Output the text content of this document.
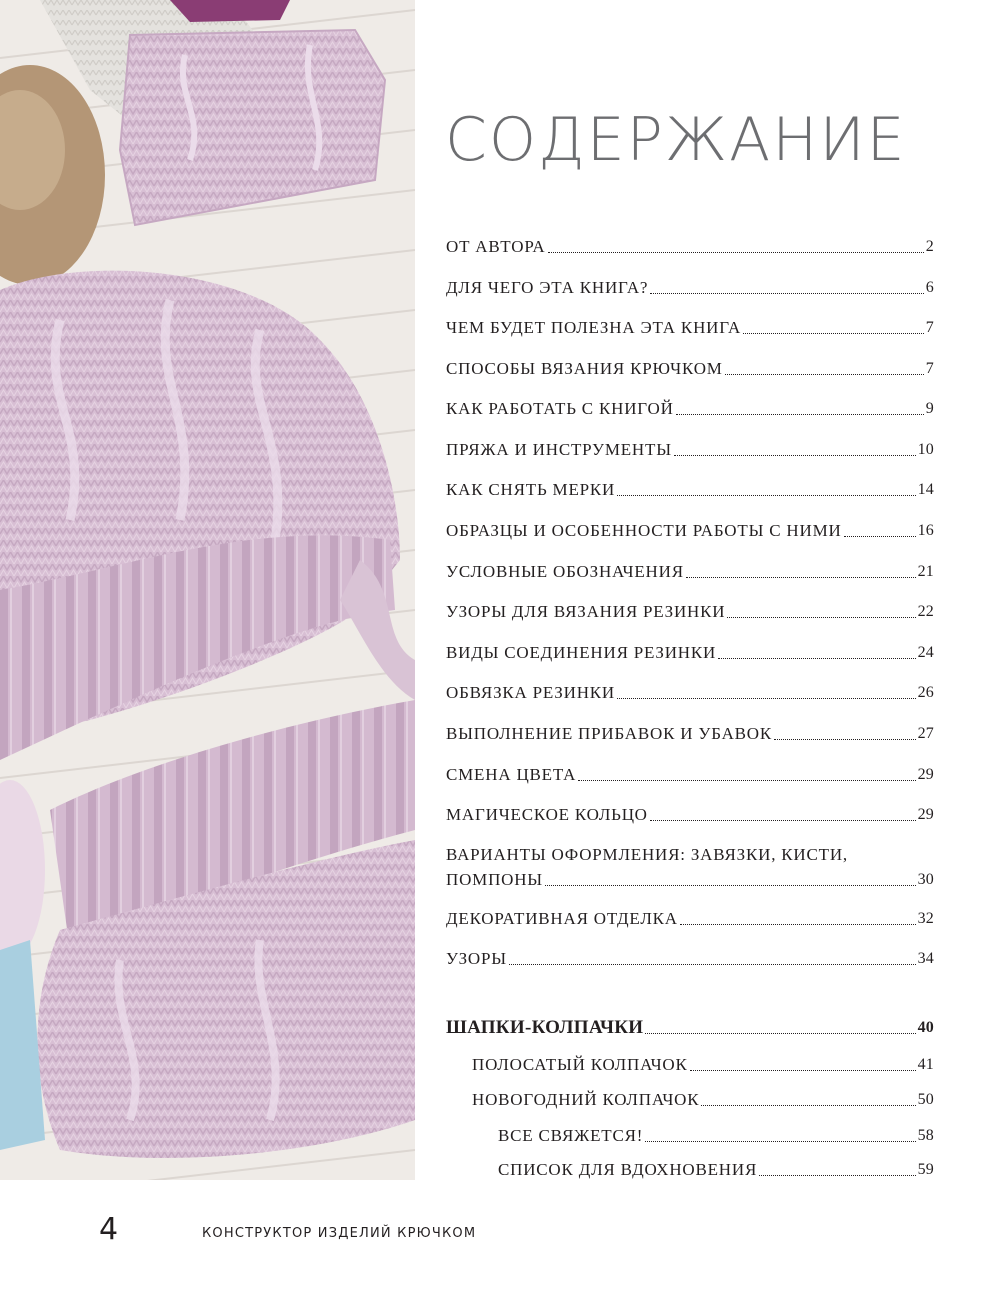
СОДЕРЖАНИЕ
ОТ АВТОРА	2
ДЛЯ ЧЕГО ЭТА КНИГА?	6
ЧЕМ БУДЕТ ПОЛЕЗНА ЭТА КНИГА	7
СПОСОБЫ ВЯЗАНИЯ КРЮЧКОМ	7
КАК РАБОТАТЬ С КНИГОЙ	9
ПРЯЖА И ИНСТРУМЕНТЫ	10
КАК СНЯТЬ МЕРКИ	14
ОБРАЗЦЫ И ОСОБЕННОСТИ РАБОТЫ С НИМИ	16
УСЛОВНЫЕ ОБОЗНАЧЕНИЯ	21
УЗОРЫ ДЛЯ ВЯЗАНИЯ РЕЗИНКИ	22
ВИДЫ СОЕДИНЕНИЯ РЕЗИНКИ	24
ОБВЯЗКА РЕЗИНКИ	26
ВЫПОЛНЕНИЕ ПРИБАВОК И УБАВОК	27
СМЕНА ЦВЕТА	29
МАГИЧЕСКОЕ КОЛЬЦО	29
ВАРИАНТЫ ОФОРМЛЕНИЯ: ЗАВЯЗКИ, КИСТИ,
ПОМПОНЫ	30
ДЕКОРАТИВНАЯ ОТДЕЛКА	32
УЗОРЫ	34
ШАПКИ-КОЛПАЧКИ	40
ПОЛОСАТЫЙ КОЛПАЧОК	41
НОВОГОДНИЙ КОЛПАЧОК	50
ВСЕ СВЯЖЕТСЯ!	58
СПИСОК ДЛЯ ВДОХНОВЕНИЯ	59
4	КОНСТРУКТОР ИЗДЕЛИЙ КРЮЧКОМ
